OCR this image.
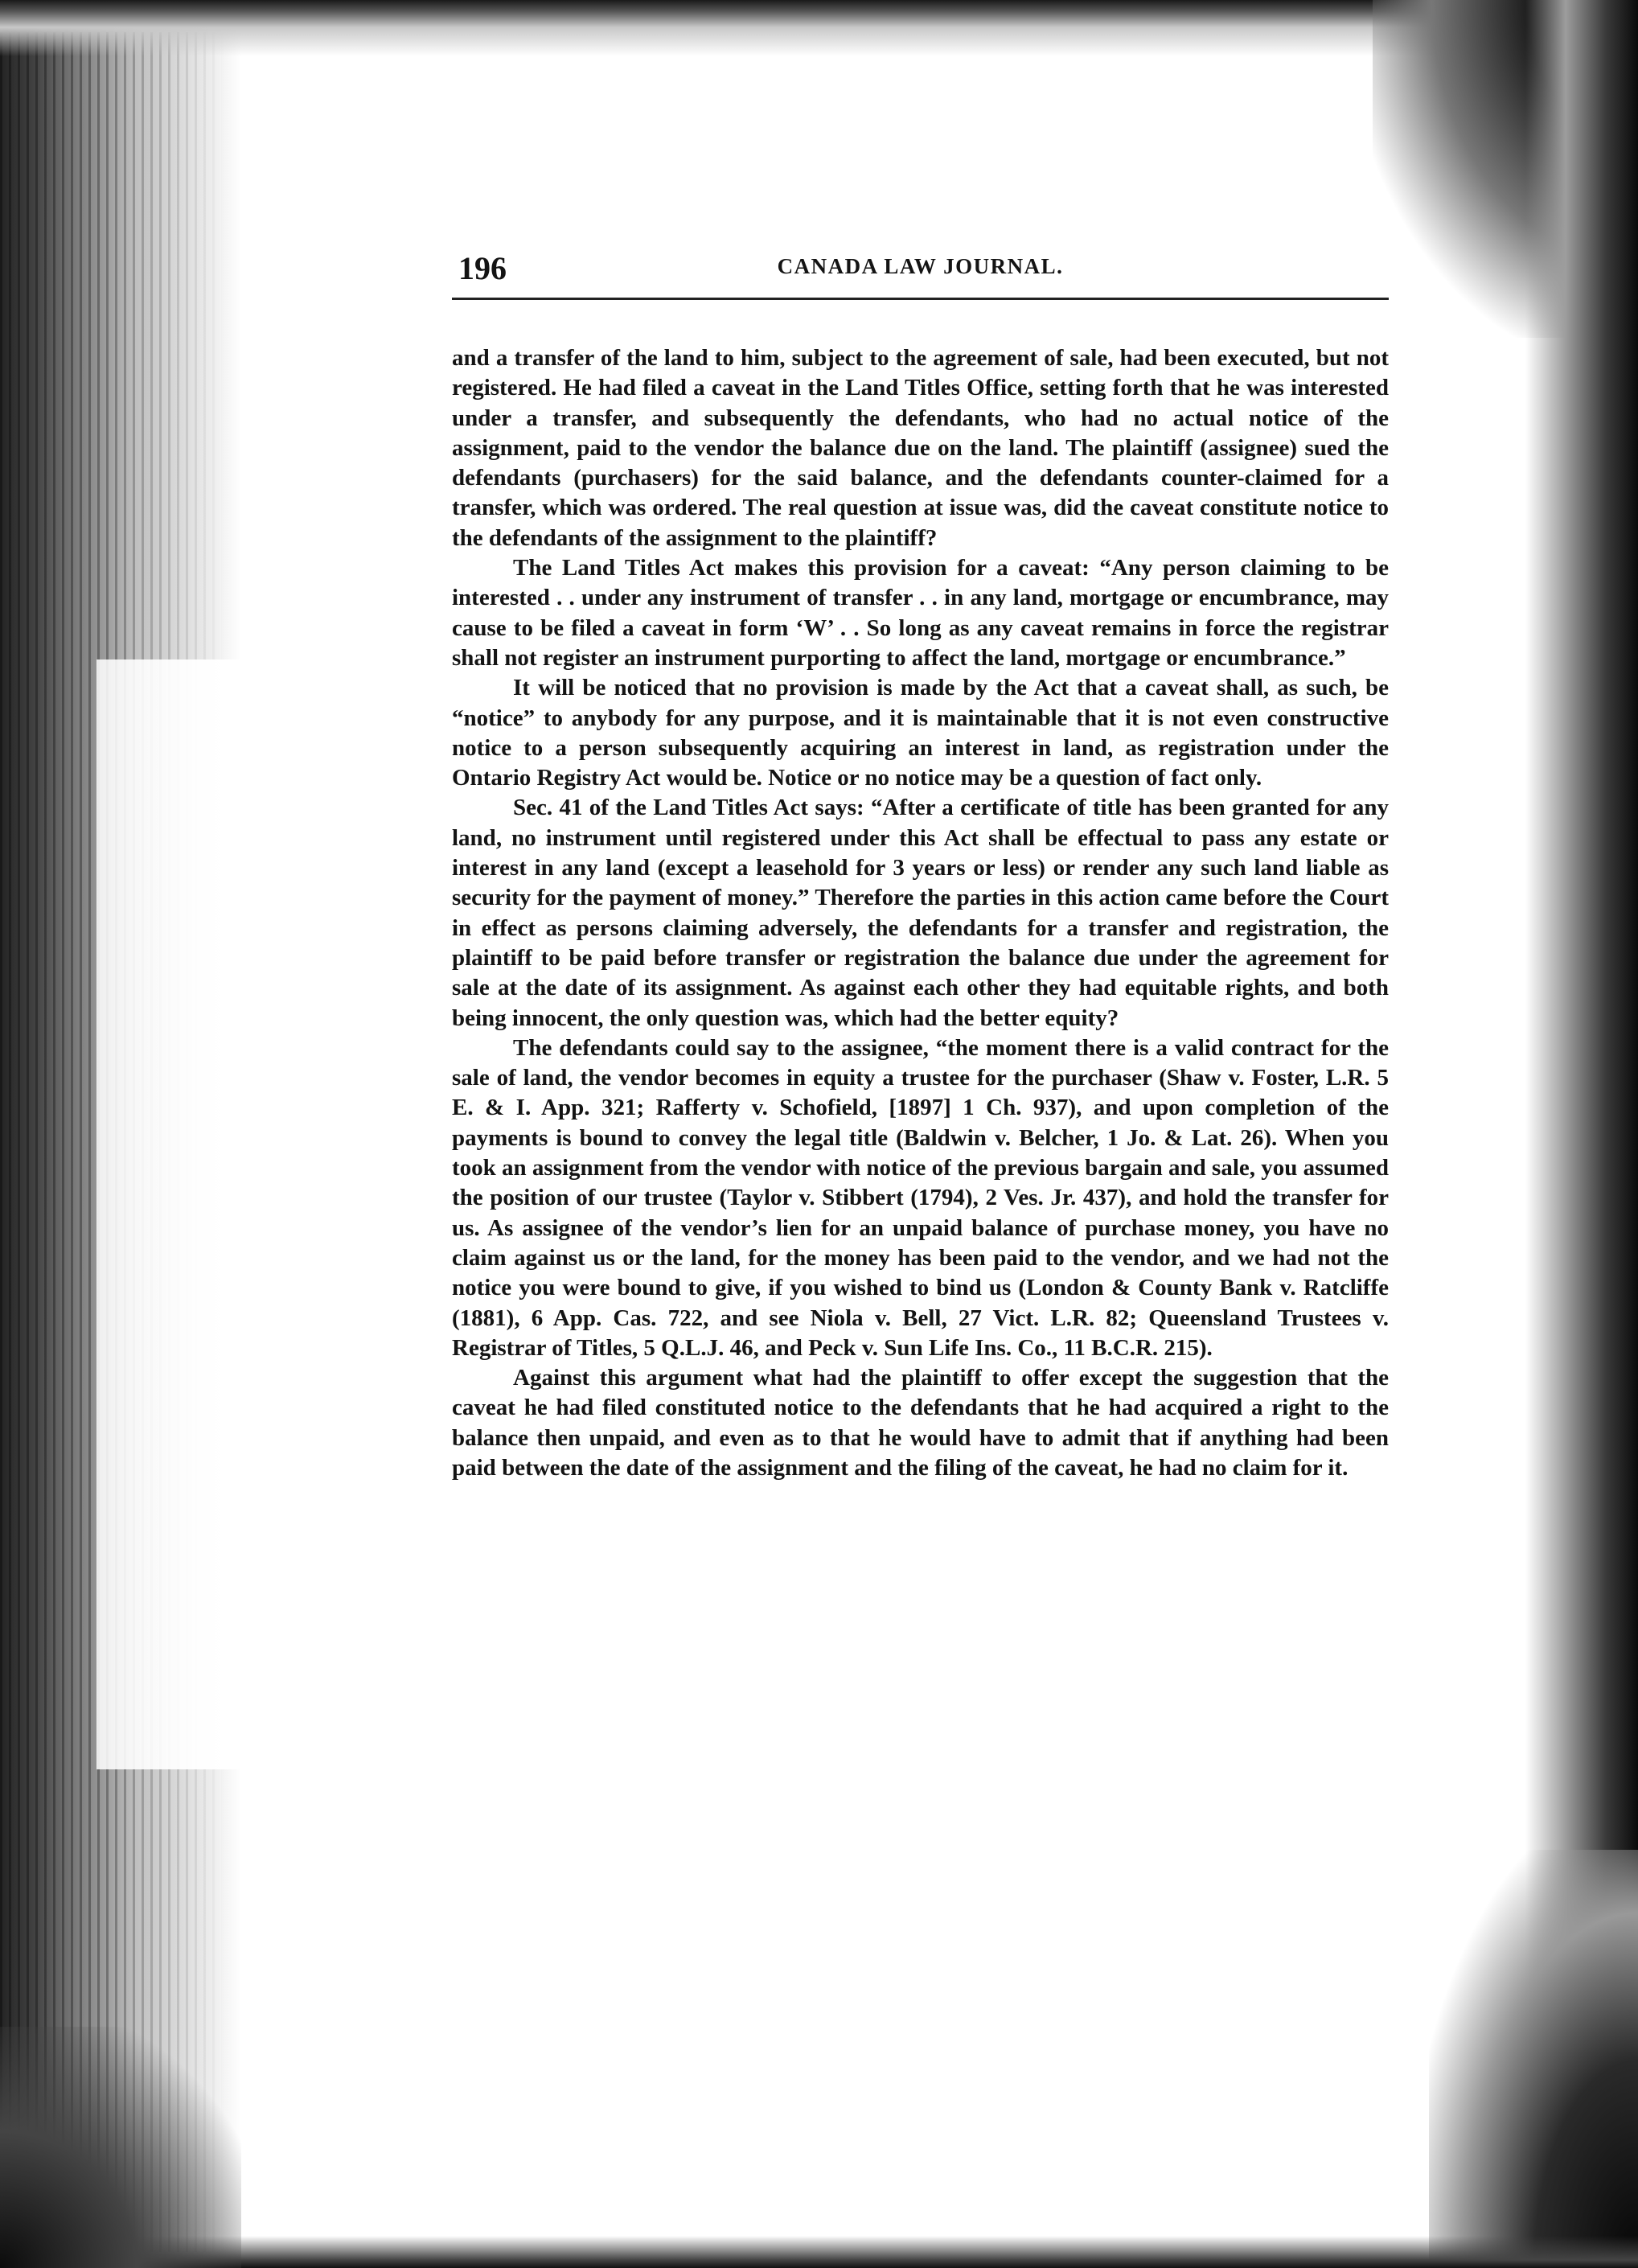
196	CANADA LAW JOURNAL.

and a transfer of the land to him, subject to the agreement of sale, had been executed, but not registered. He had filed a caveat in the Land Titles Office, setting forth that he was interested under a transfer, and subsequently the defendants, who had no actual notice of the assignment, paid to the vendor the balance due on the land. The plaintiff (assignee) sued the defendants (purchasers) for the said balance, and the defendants counter-claimed for a transfer, which was ordered. The real question at issue was, did the caveat constitute notice to the defendants of the assignment to the plaintiff?

The Land Titles Act makes this provision for a caveat: “Any person claiming to be interested . . under any instrument of transfer . . in any land, mortgage or encumbrance, may cause to be filed a caveat in form ‘W’ . . So long as any caveat remains in force the registrar shall not register an instrument purporting to affect the land, mortgage or encumbrance.”

It will be noticed that no provision is made by the Act that a caveat shall, as such, be “notice” to anybody for any purpose, and it is maintainable that it is not even constructive notice to a person subsequently acquiring an interest in land, as registration under the Ontario Registry Act would be. Notice or no notice may be a question of fact only.

Sec. 41 of the Land Titles Act says: “After a certificate of title has been granted for any land, no instrument until registered under this Act shall be effectual to pass any estate or interest in any land (except a leasehold for 3 years or less) or render any such land liable as security for the payment of money.” Therefore the parties in this action came before the Court in effect as persons claiming adversely, the defendants for a transfer and registration, the plaintiff to be paid before transfer or registration the balance due under the agreement for sale at the date of its assignment. As against each other they had equitable rights, and both being innocent, the only question was, which had the better equity?

The defendants could say to the assignee, “the moment there is a valid contract for the sale of land, the vendor becomes in equity a trustee for the purchaser (Shaw v. Foster, L.R. 5 E. & I. App. 321; Rafferty v. Schofield, [1897] 1 Ch. 937), and upon completion of the payments is bound to convey the legal title (Baldwin v. Belcher, 1 Jo. & Lat. 26). When you took an assignment from the vendor with notice of the previous bargain and sale, you assumed the position of our trustee (Taylor v. Stibbert (1794), 2 Ves. Jr. 437), and hold the transfer for us. As assignee of the vendor’s lien for an unpaid balance of purchase money, you have no claim against us or the land, for the money has been paid to the vendor, and we had not the notice you were bound to give, if you wished to bind us (London & County Bank v. Ratcliffe (1881), 6 App. Cas. 722, and see Niola v. Bell, 27 Vict. L.R. 82; Queensland Trustees v. Registrar of Titles, 5 Q.L.J. 46, and Peck v. Sun Life Ins. Co., 11 B.C.R. 215).

Against this argument what had the plaintiff to offer except the suggestion that the caveat he had filed constituted notice to the defendants that he had acquired a right to the balance then unpaid, and even as to that he would have to admit that if anything had been paid between the date of the assignment and the filing of the caveat, he had no claim for it.
